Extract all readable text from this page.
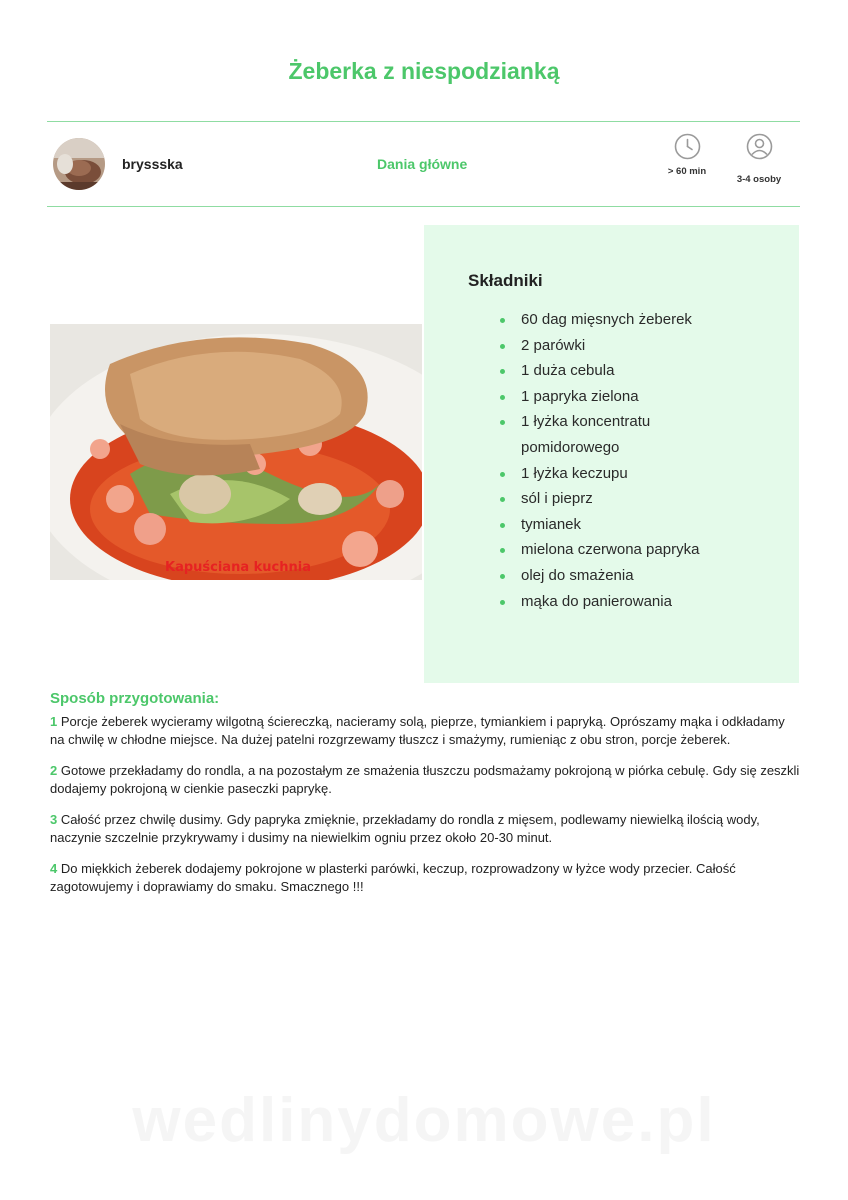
Żeberka z niespodzianką
bryssska	Dania główne	> 60 min
3-4 osoby
Kapuściana kuchnia
Składniki
60 dag mięsnych żeberek
2 parówki
1 duża cebula
1 papryka zielona
1 łyżka koncentratu pomidorowego
1 łyżka keczupu
sól i pieprz
tymianek
mielona czerwona papryka
olej do smażenia
mąka do panierowania
Sposób przygotowania:
1 Porcje żeberek wycieramy wilgotną ściereczką, nacieramy solą, pieprze, tymiankiem i papryką. Oprószamy mąka i odkładamy na chwilę w chłodne miejsce. Na dużej patelni rozgrzewamy tłuszcz i smażymy, rumieniąc z obu stron, porcje żeberek.
2 Gotowe przekładamy do rondla, a na pozostałym ze smażenia tłuszczu podsmażamy pokrojoną w piórka cebulę. Gdy się zeszkli dodajemy pokrojoną w cienkie paseczki paprykę.
3 Całość przez chwilę dusimy. Gdy papryka zmięknie, przekładamy do rondla z mięsem, podlewamy niewielką ilością wody, naczynie szczelnie przykrywamy i dusimy na niewielkim ogniu przez około 20-30 minut.
4 Do miękkich żeberek dodajemy pokrojone w plasterki parówki, keczup, rozprowadzony w łyżce wody przecier. Całość zagotowujemy i doprawiamy do smaku. Smacznego !!!
wedlinydomowe.pl
